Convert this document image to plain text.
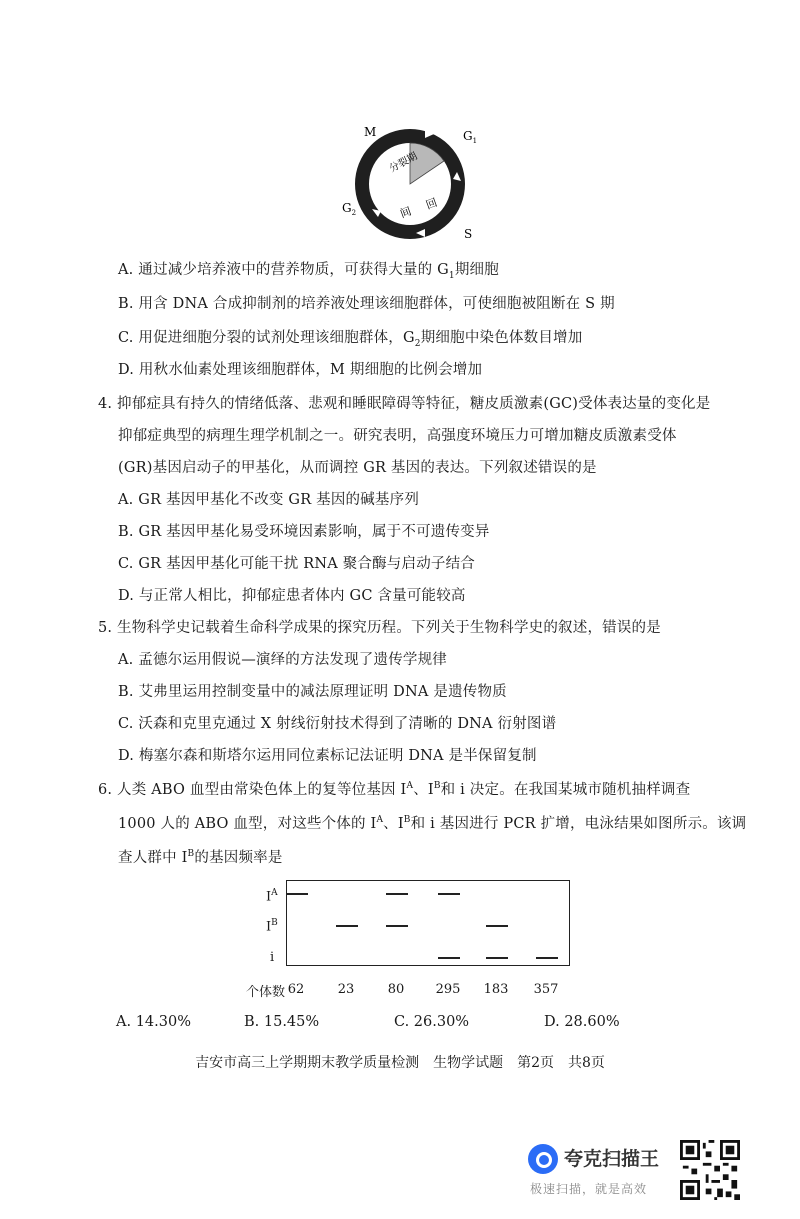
M	$G_1$
$G_2$
S
分裂期
间
回
A. 通过减少培养液中的营养物质，可获得大量的 $G_1$期细胞
B. 用含 DNA 合成抑制剂的培养液处理该细胞群体，可使细胞被阻断在 S 期
C. 用促进细胞分裂的试剂处理该细胞群体，$G_2$期细胞中染色体数目增加
D. 用秋水仙素处理该细胞群体，M 期细胞的比例会增加
4. 抑郁症具有持久的情绪低落、悲观和睡眠障碍等特征，糖皮质激素(GC)受体表达量的变化是
抑郁症典型的病理生理学机制之一。研究表明，高强度环境压力可增加糖皮质激素受体
(GR)基因启动子的甲基化，从而调控 GR 基因的表达。下列叙述错误的是
A. GR 基因甲基化不改变 GR 基因的碱基序列
B. GR 基因甲基化易受环境因素影响，属于不可遗传变异
C. GR 基因甲基化可能干扰 RNA 聚合酶与启动子结合
D. 与正常人相比，抑郁症患者体内 GC 含量可能较高
5. 生物科学史记载着生命科学成果的探究历程。下列关于生物科学史的叙述，错误的是
A. 孟德尔运用假说—演绎的方法发现了遗传学规律
B. 艾弗里运用控制变量中的减法原理证明 DNA 是遗传物质
C. 沃森和克里克通过 X 射线衍射技术得到了清晰的 DNA 衍射图谱
D. 梅塞尔森和斯塔尔运用同位素标记法证明 DNA 是半保留复制
6. 人类 ABO 血型由常染色体上的复等位基因 $I^A$、$I^B$和 i 决定。在我国某城市随机抽样调查
1000 人的 ABO 血型，对这些个体的 $I^A$、$I^B$和 i 基因进行 PCR 扩增，电泳结果如图所示。该调
查人群中 $I^B$的基因频率是
$I^A$
$I^B$
i
个体数 62	23	80	295	183	357
A. 14.30%	B. 15.45%	C. 26.30%	D. 28.60%
吉安市高三上学期期末教学质量检测　生物学试题　第2页　共8页
夸克扫描王
极速扫描，就是高效
